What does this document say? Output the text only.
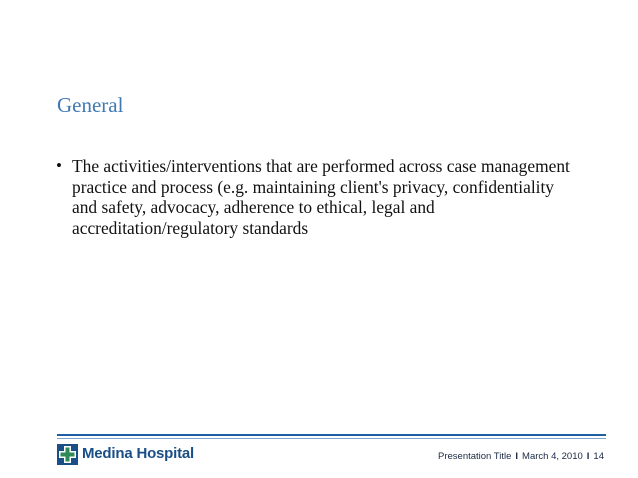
General
• The activities/interventions that are performed across case management practice and process (e.g. maintaining client's privacy, confidentiality and safety, advocacy, adherence to ethical, legal and accreditation/regulatory standards
Medina Hospital	Presentation Title I March 4, 2010 I 14
